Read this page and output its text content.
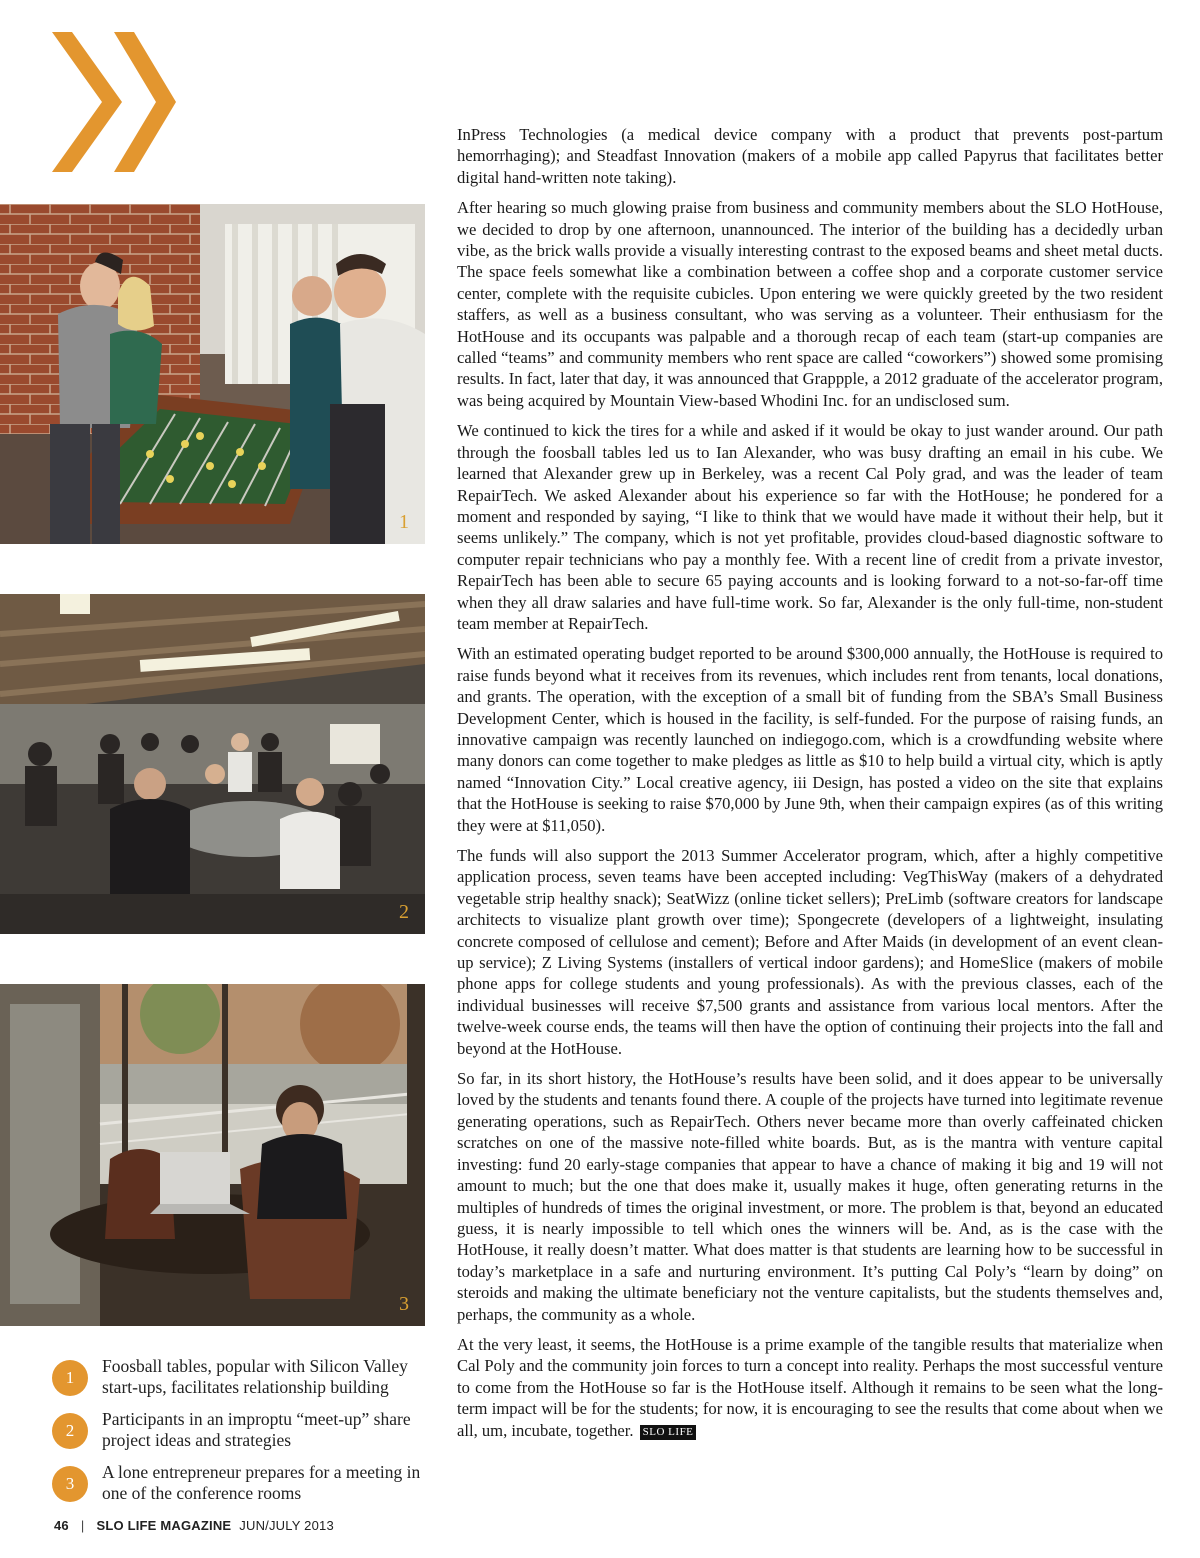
1
2
3
1
Foosball tables, popular with Silicon Valley start-ups, facilitates relationship building
2
Participants in an improptu “meet-up” share project ideas and strategies
3
A lone entrepreneur prepares for a meeting in one of the conference rooms

InPress Technologies (a medical device company with a product that prevents post-partum hemorrhaging); and Steadfast Innovation (makers of a mobile app called Papyrus that facilitates better digital hand-written note taking).

After hearing so much glowing praise from business and community members about the SLO HotHouse, we decided to drop by one afternoon, unannounced. The interior of the building has a decidedly urban vibe, as the brick walls provide a visually interesting contrast to the exposed beams and sheet metal ducts. The space feels somewhat like a combination between a coffee shop and a corporate customer service center, complete with the requisite cubicles. Upon entering we were quickly greeted by the two resident staffers, as well as a business consultant, who was serving as a volunteer. Their enthusiasm for the HotHouse and its occupants was palpable and a thorough recap of each team (start-up companies are called “teams” and community members who rent space are called “coworkers”) showed some promising results. In fact, later that day, it was announced that Grappple, a 2012 graduate of the accelerator program, was being acquired by Mountain View-based Whodini Inc. for an undisclosed sum.

We continued to kick the tires for a while and asked if it would be okay to just wander around. Our path through the foosball tables led us to Ian Alexander, who was busy drafting an email in his cube. We learned that Alexander grew up in Berkeley, was a recent Cal Poly grad, and was the leader of team RepairTech. We asked Alexander about his experience so far with the HotHouse; he pondered for a moment and responded by saying, “I like to think that we would have made it without their help, but it seems unlikely.” The company, which is not yet profitable, provides cloud-based diagnostic software to computer repair technicians who pay a monthly fee. With a recent line of credit from a private investor, RepairTech has been able to secure 65 paying accounts and is looking forward to a not-so-far-off time when they all draw salaries and have full-time work. So far, Alexander is the only full-time, non-student team member at RepairTech.

With an estimated operating budget reported to be around $300,000 annually, the HotHouse is required to raise funds beyond what it receives from its revenues, which includes rent from tenants, local donations, and grants. The operation, with the exception of a small bit of funding from the SBA’s Small Business Development Center, which is housed in the facility, is self-funded. For the purpose of raising funds, an innovative campaign was recently launched on indiegogo.com, which is a crowdfunding website where many donors can come together to make pledges as little as $10 to help build a virtual city, which is aptly named “Innovation City.” Local creative agency, iii Design, has posted a video on the site that explains that the HotHouse is seeking to raise $70,000 by June 9th, when their campaign expires (as of this writing they were at $11,050).

The funds will also support the 2013 Summer Accelerator program, which, after a highly competitive application process, seven teams have been accepted including: VegThisWay (makers of a dehydrated vegetable strip healthy snack); SeatWizz (online ticket sellers); PreLimb (software creators for landscape architects to visualize plant growth over time); Spongecrete (developers of a lightweight, insulating concrete composed of cellulose and cement); Before and After Maids (in development of an event clean-up service); Z Living Systems (installers of vertical indoor gardens); and HomeSlice (makers of mobile phone apps for college students and young professionals). As with the previous classes, each of the individual businesses will receive $7,500 grants and assistance from various local mentors. After the twelve-week course ends, the teams will then have the option of continuing their projects into the fall and beyond at the HotHouse.

So far, in its short history, the HotHouse’s results have been solid, and it does appear to be universally loved by the students and tenants found there. A couple of the projects have turned into legitimate revenue generating operations, such as RepairTech. Others never became more than overly caffeinated chicken scratches on one of the massive note-filled white boards. But, as is the mantra with venture capital investing: fund 20 early-stage companies that appear to have a chance of making it big and 19 will not amount to much; but the one that does make it, usually makes it huge, often generating returns in the multiples of hundreds of times the original investment, or more. The problem is that, beyond an educated guess, it is nearly impossible to tell which ones the winners will be. And, as is the case with the HotHouse, it really doesn’t matter. What does matter is that students are learning how to be successful in today’s marketplace in a safe and nurturing environment. It’s putting Cal Poly’s “learn by doing” on steroids and making the ultimate beneficiary not the venture capitalists, but the students themselves and, perhaps, the community as a whole.

At the very least, it seems, the HotHouse is a prime example of the tangible results that materialize when Cal Poly and the community join forces to turn a concept into reality. Perhaps the most successful venture to come from the HotHouse so far is the HotHouse itself. Although it remains to be seen what the long-term impact will be for the students; for now, it is encouraging to see the results that come about when we all, um, incubate, together. SLO LIFE

46 | SLO LIFE MAGAZINE JUN/JULY 2013
